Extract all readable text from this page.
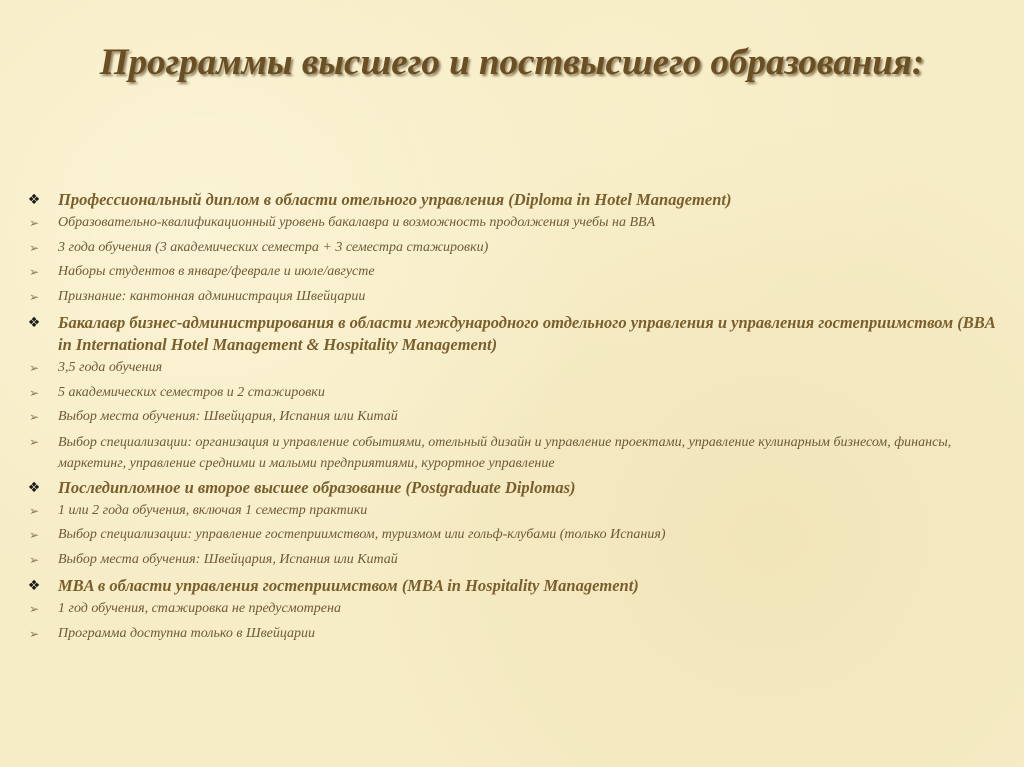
Программы высшего и поствысшего образования:
❖	Профессиональный диплом в области отельного управления (Diploma in Hotel Management)
➢	Образовательно-квалификационный уровень бакалавра и возможность продолжения учебы на BBA
➢	3 года обучения (3 академических семестра + 3 семестра стажировки)
➢	Наборы студентов в январе/феврале и июле/августе
➢	Признание: кантонная администрация Швейцарии
❖	Бакалавр бизнес-администрирования в области международного отдельного управления и управления гостеприимством (BBA in International Hotel Management & Hospitality Management)
➢	3,5 года обучения
➢	5 академических семестров и 2 стажировки
➢	Выбор места обучения: Швейцария, Испания или Китай
➢	Выбор специализации: организация и управление событиями, отельный дизайн и управление проектами, управление кулинарным бизнесом, финансы, маркетинг, управление средними и малыми предприятиями, курортное управление
❖	Последипломное и второе высшее образование (Postgraduate Diplomas)
➢	1 или 2 года обучения, включая 1 семестр практики
➢	Выбор специализации: управление гостеприимством, туризмом или гольф-клубами (только Испания)
➢	Выбор места обучения: Швейцария, Испания или Китай
❖	MBA в области управления гостеприимством (MBA in Hospitality Management)
➢	1 год обучения, стажировка не предусмотрена
➢	Программа доступна только в Швейцарии
